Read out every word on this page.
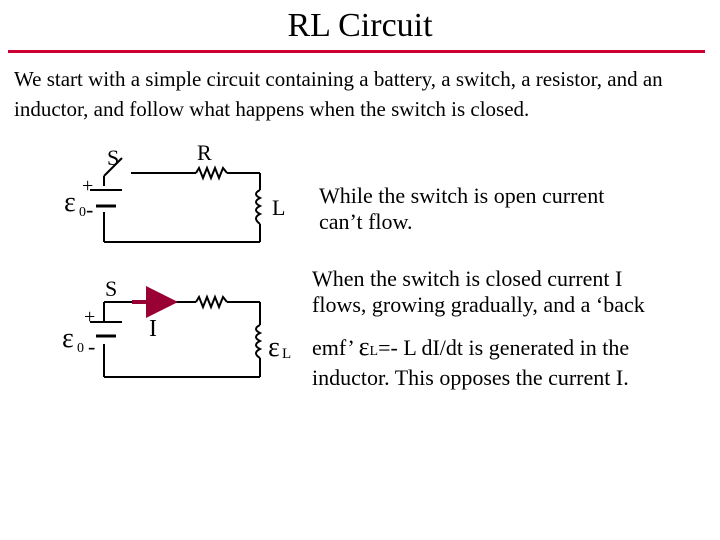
RL Circuit
We start with a simple circuit containing a battery, a switch, a resistor, and an inductor, and follow what happens when the switch is closed.
S	R
L
+
-
ε 0
S
I
+
-
ε 0	ε L
While the switch is open current
can’t flow.
When the switch is closed current I
flows, growing gradually, and a ‘back
emf’ εL=- L dI/dt is generated in the
inductor. This opposes the current I.
